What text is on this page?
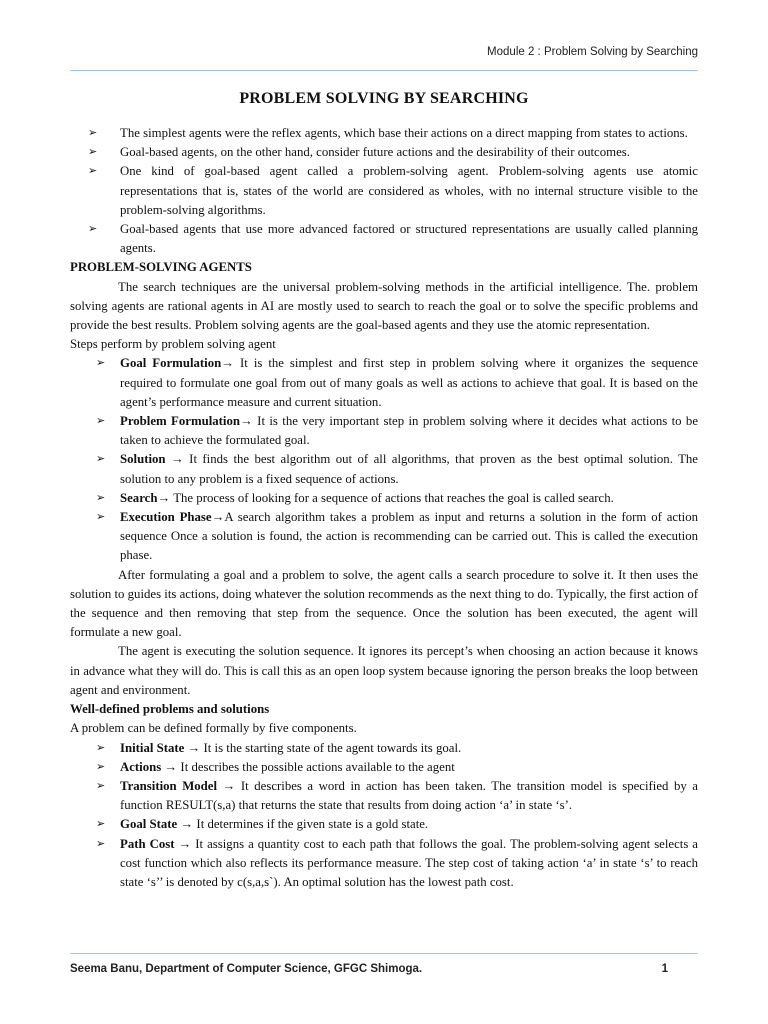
Module 2 : Problem Solving by Searching
PROBLEM SOLVING BY SEARCHING
➢ The simplest agents were the reflex agents, which base their actions on a direct mapping from states to actions.
➢ Goal-based agents, on the other hand, consider future actions and the desirability of their outcomes.
➢ One kind of goal-based agent called a problem-solving agent. Problem-solving agents use atomic representations that is, states of the world are considered as wholes, with no internal structure visible to the problem-solving algorithms.
➢ Goal-based agents that use more advanced factored or structured representations are usually called planning agents.

PROBLEM-SOLVING AGENTS

The search techniques are the universal problem-solving methods in the artificial intelligence. The. problem solving agents are rational agents in AI are mostly used to search to reach the goal or to solve the specific problems and provide the best results. Problem solving agents are the goal-based agents and they use the atomic representation.

Steps perform by problem solving agent

➢ Goal Formulation→ It is the simplest and first step in problem solving where it organizes the sequence required to formulate one goal from out of many goals as well as actions to achieve that goal. It is based on the agent’s performance measure and current situation.
➢ Problem Formulation→ It is the very important step in problem solving where it decides what actions to be taken to achieve the formulated goal.
➢ Solution → It finds the best algorithm out of all algorithms, that proven as the best optimal solution. The solution to any problem is a fixed sequence of actions.
➢ Search→ The process of looking for a sequence of actions that reaches the goal is called search.
➢ Execution Phase→A search algorithm takes a problem as input and returns a solution in the form of action sequence Once a solution is found, the action is recommending can be carried out. This is called the execution phase.

After formulating a goal and a problem to solve, the agent calls a search procedure to solve it. It then uses the solution to guides its actions, doing whatever the solution recommends as the next thing to do. Typically, the first action of the sequence and then removing that step from the sequence. Once the solution has been executed, the agent will formulate a new goal.

The agent is executing the solution sequence. It ignores its percept’s when choosing an action because it knows in advance what they will do. This is call this as an open loop system because ignoring the person breaks the loop between agent and environment.

Well-defined problems and solutions

A problem can be defined formally by five components.

➢ Initial State → It is the starting state of the agent towards its goal.
➢ Actions → It describes the possible actions available to the agent
➢ Transition Model → It describes a word in action has been taken. The transition model is specified by a function RESULT(s,a) that returns the state that results from doing action ‘a’ in state ‘s’.
➢ Goal State → It determines if the given state is a gold state.
➢ Path Cost → It assigns a quantity cost to each path that follows the goal. The problem-solving agent selects a cost function which also reflects its performance measure. The step cost of taking action ‘a’ in state ‘s’ to reach state ‘s’’ is denoted by c(s,a,s`). An optimal solution has the lowest path cost.
Seema Banu, Department of Computer Science, GFGC Shimoga.	1
